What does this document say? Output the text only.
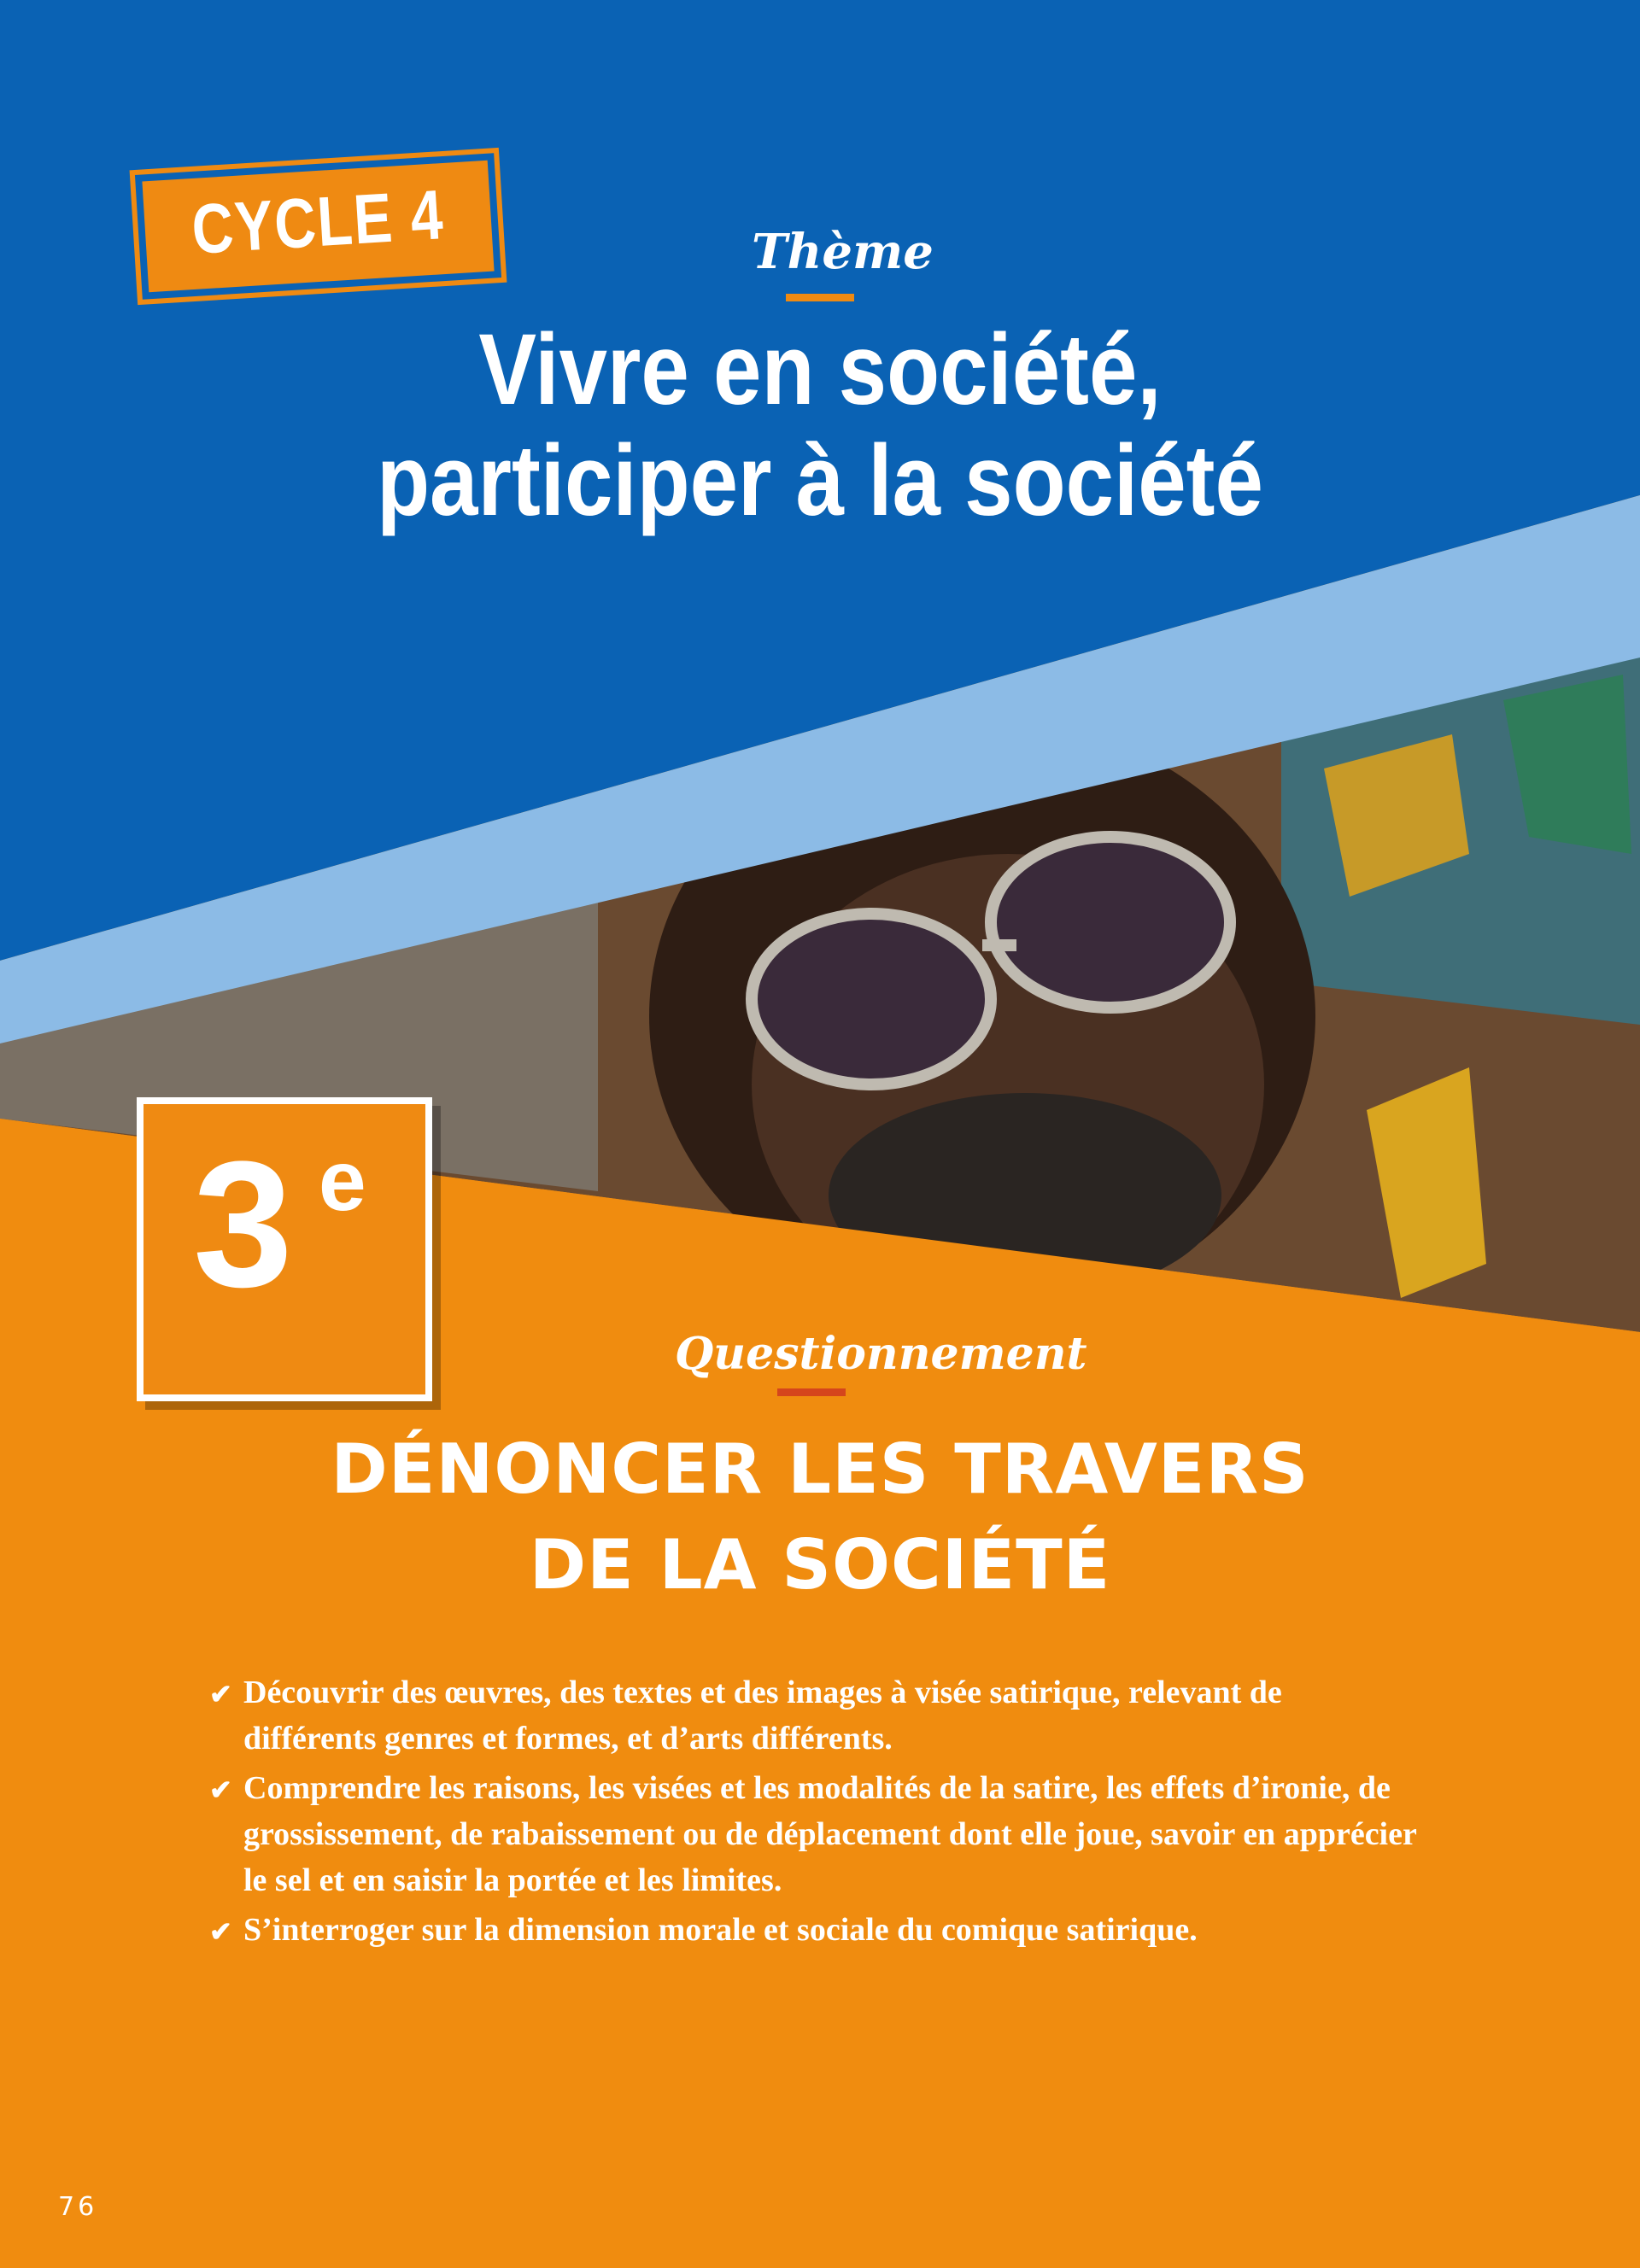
CYCLE 4	Thème
Vivre en société,
participer à la société
3 e
Questionnement
DÉNONCER LES TRAVERS
DE LA SOCIÉTÉ
✔ Découvrir des œuvres, des textes et des images à visée satirique, relevant de différents genres et formes, et d’arts différents.
✔ Comprendre les raisons, les visées et les modalités de la satire, les effets d’ironie, de grossissement, de rabaissement ou de déplacement dont elle joue, savoir en apprécier le sel et en saisir la portée et les limites.
✔ S’interroger sur la dimension morale et sociale du comique satirique.
76
